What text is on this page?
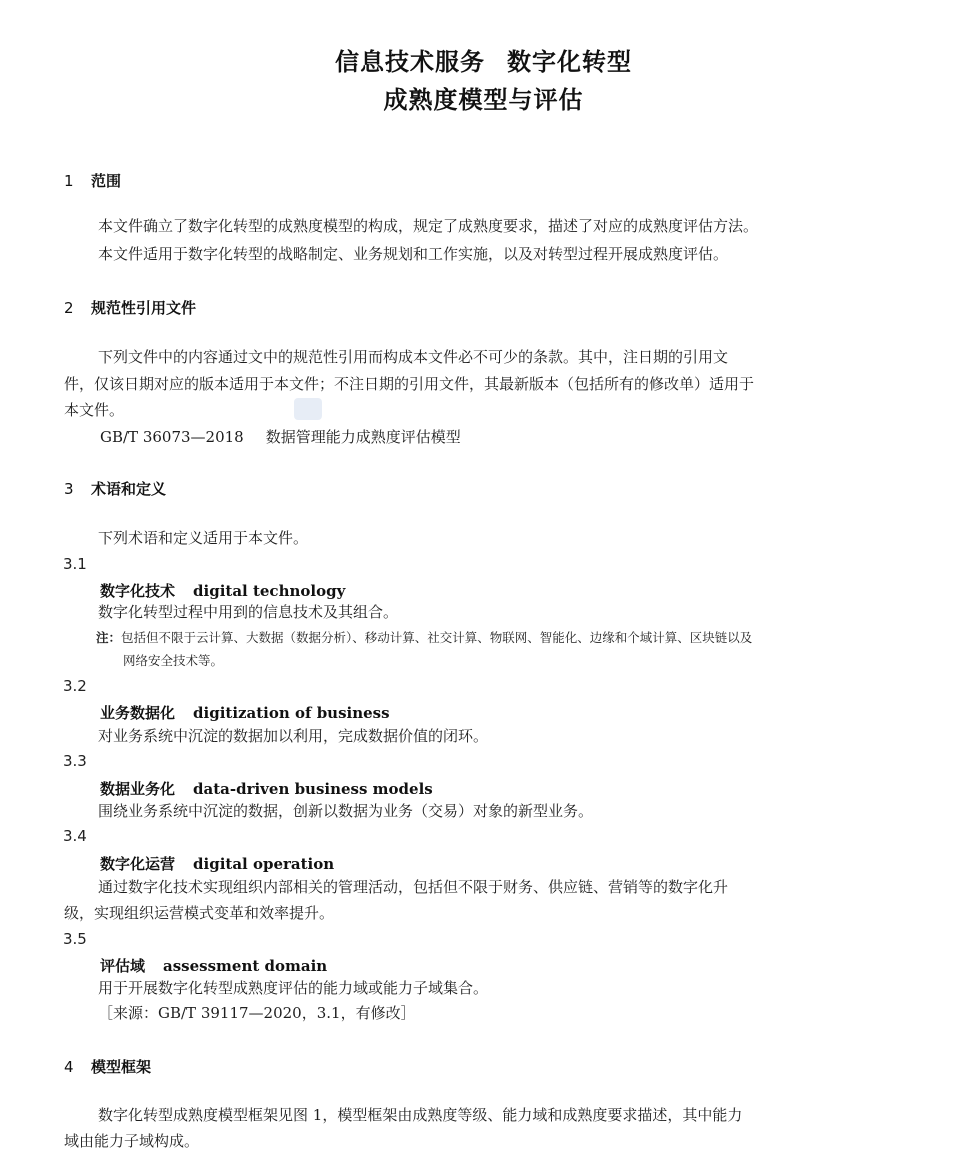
信息技术服务 数字化转型
成熟度模型与评估
1 范围
本文件确立了数字化转型的成熟度模型的构成，规定了成熟度要求，描述了对应的成熟度评估方法。
本文件适用于数字化转型的战略制定、业务规划和工作实施，以及对转型过程开展成熟度评估。
2 规范性引用文件
下列文件中的内容通过文中的规范性引用而构成本文件必不可少的条款。其中，注日期的引用文
件，仅该日期对应的版本适用于本文件；不注日期的引用文件，其最新版本（包括所有的修改单）适用于
本文件。
GB/T 36073—2018 数据管理能力成熟度评估模型
3 术语和定义
下列术语和定义适用于本文件。
3.1
数字化技术 digital technology
数字化转型过程中用到的信息技术及其组合。
注：包括但不限于云计算、大数据（数据分析）、移动计算、社交计算、物联网、智能化、边缘和个域计算、区块链以及
网络安全技术等。
3.2
业务数据化 digitization of business
对业务系统中沉淀的数据加以利用，完成数据价值的闭环。
3.3
数据业务化 data-driven business models
围绕业务系统中沉淀的数据，创新以数据为业务（交易）对象的新型业务。
3.4
数字化运营 digital operation
通过数字化技术实现组织内部相关的管理活动，包括但不限于财务、供应链、营销等的数字化升
级，实现组织运营模式变革和效率提升。
3.5
评估域 assessment domain
用于开展数字化转型成熟度评估的能力域或能力子域集合。
［来源：GB/T 39117—2020，3.1，有修改］
4 模型框架
数字化转型成熟度模型框架见图 1，模型框架由成熟度等级、能力域和成熟度要求描述，其中能力
域由能力子域构成。
